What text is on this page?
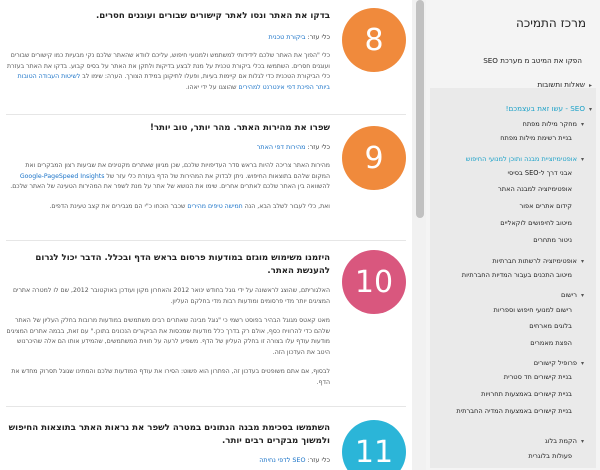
8
בדקו את האתר ונסו לאתר קישורים שבורים ועוגנים חסרים.
כלי עזר: ביקורת טכנית
כלי "הפוך את האתר שלכם לידידותי למשתמש ולמנועי חיפוש, עליכם לוודא שהאתר שלכם נקי מבעיות כמו קישורים שבורים ועוגנים חסרים. השתמשו בכלי ביקורת טכנית על מנת לבצע בדיקות ולתקן את האתר על בסיס קבוע. בדקו את האתר בעזרת כלי הביקורת הטכנית כדי לגלות אם קיימות בעיות, ופעלו לתיקונן במידת הצורך. הערה: שימו לב לשיטות העבודה הטובות ביותר הפיכת דפי אינטרנט למהירים שהוצגו על ידי יאהו.
9
שפרו את מהירות האתר. מהר יותר, טוב יותר!
כלי עזר: מהירות דפי האתר
מהירות האתר צריכה להיות בראש סדר העדיפויות שלכם, שכן מגיוון שאתרים מקטינים את שביעות רצון המבקרים ואת המקום שלהם בתוצאות החיפוש. ניתן לבדוק את המהירות של הדף בעזרת כלי עזר של Google-PageSpeed Insights להשוואה בין האתר שלכם לאתרים אחרים. שימו את הנושא של אתר על מנת לשפר את המהירות הטעינה של האתר שלכם.
ואת, כלי לעבור לשלב הבא, הנה חמישה טיפים מהירים שכבר הוכחו כ"י הם מגבירים את קצב טעינת הדפים.
10
היזמנו משימוש מוגזם במודעות פרסום בראש הדף ובכלל. הדבר יכול לגרום להענשת האתר.
האלגוריתם, שהוצג לראשונה על ידי גוגל בחודש ינואר 2012 והאחרון מקון ועודכן באוקטובר 2012, שם לו למטרה אתרים המציגים יותר מדי פרסומים ומודעות רבות מדי בחלקם העליון.
מאט קאטס מגוגל הבהיר בפוסט רשמי כי "גוגל מבינה שאתרים רבים משתמשים במודעות מרובות בחלק העליון של האתר שלהם כדי להרוויח כסף, אולם רק בדרך כלל מודעות שמכסות את הביקורים הנכונים בתוכן." עם זאת, בבמה אתרים המציגים מודעות עודף עלו בצורה זו בחלק העליון של הדף. משפיע לרעה על חווית המשתמשים, שהמידע אותו הם אלה שהיכרנוש היטב את העדכון הזה.
לבסוף, אם אתם משופטים בעדכון זה, הפתרון הוא פשוט: הסירו את עודף המודעות שלכם והמתינו שגוגל תסרוק מחדש את הדף.
11
השתמשו בסכימת מבנה הנתונים במטרה לשפר את נראות האתר בתוצאות החיפוש ולמשוך מבקרים רבים יותר.
כלי עזר: SEO לדפי נחיתה
מרכז התמיכה
הפקו את המיטב מ מערכת SEO
▸שאלות ותשובות
▾SEO - עשו זאת בעצמכם!
▾מחקר מילות מפתח
בניית רשימת מילות מפתח
▾אופטימיזציית מבנה ותוכן למנועי החיפוש
אבני דרך ל-SEO בסיסי
אופטימיזציה למבנה האתר
קידום אתרים אפור
מיטוב לחיפושים לוקאליים
ניטור מתחרים
▾אופטימיזציה לרשתות חברתיות
מיטוב התכנים בעבור המדיות החברתיות
▾רישום
רישום למנועי חיפוש וספריות
בלוגים מארחים
הפצת מאמרים
▾פרופיל קישורים
בניית קישורים חד סטרית
בניית קישורים באמצעות תחרויות
בניית קישורים באמצעות המדיה החברתית
▾הקמת בלוג
פעולות בלוגרית
